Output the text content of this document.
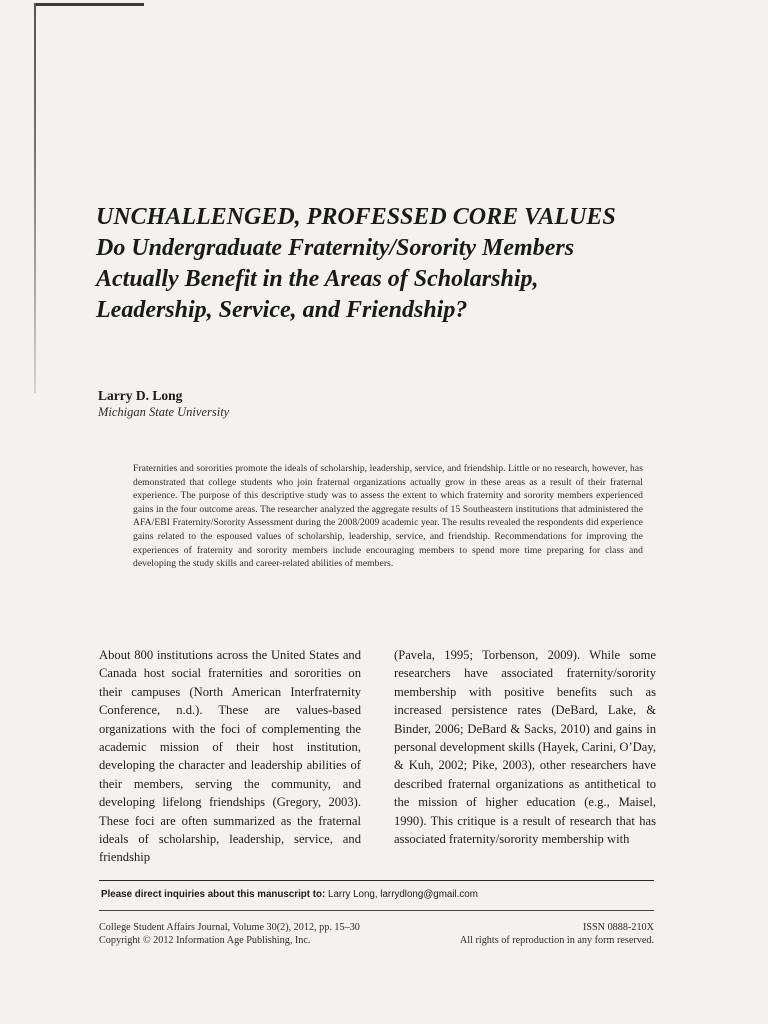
UNCHALLENGED, PROFESSED CORE VALUES
Do Undergraduate Fraternity/Sorority Members
Actually Benefit in the Areas of Scholarship,
Leadership, Service, and Friendship?
Larry D. Long
Michigan State University
Fraternities and sororities promote the ideals of scholarship, leadership, service, and friendship. Little or no research, however, has demonstrated that college students who join fraternal organizations actually grow in these areas as a result of their fraternal experience. The purpose of this descriptive study was to assess the extent to which fraternity and sorority members experienced gains in the four outcome areas. The researcher analyzed the aggregate results of 15 Southeastern institutions that administered the AFA/EBI Fraternity/Sorority Assessment during the 2008/2009 academic year. The results revealed the respondents did experience gains related to the espoused values of scholarship, leadership, service, and friendship. Recommendations for improving the experiences of fraternity and sorority members include encouraging members to spend more time preparing for class and developing the study skills and career-related abilities of members.
About 800 institutions across the United States and Canada host social fraternities and sororities on their campuses (North American Interfraternity Conference, n.d.). These are values-based organizations with the foci of complementing the academic mission of their host institution, developing the character and leadership abilities of their members, serving the community, and developing lifelong friendships (Gregory, 2003). These foci are often summarized as the fraternal ideals of scholarship, leadership, service, and friendship
(Pavela, 1995; Torbenson, 2009). While some researchers have associated fraternity/sorority membership with positive benefits such as increased persistence rates (DeBard, Lake, & Binder, 2006; DeBard & Sacks, 2010) and gains in personal development skills (Hayek, Carini, O’Day, & Kuh, 2002; Pike, 2003), other researchers have described fraternal organizations as antithetical to the mission of higher education (e.g., Maisel, 1990). This critique is a result of research that has associated fraternity/sorority membership with
Please direct inquiries about this manuscript to: Larry Long, larrydlong@gmail.com
College Student Affairs Journal, Volume 30(2), 2012, pp. 15–30
Copyright © 2012 Information Age Publishing, Inc.
ISSN 0888-210X
All rights of reproduction in any form reserved.
